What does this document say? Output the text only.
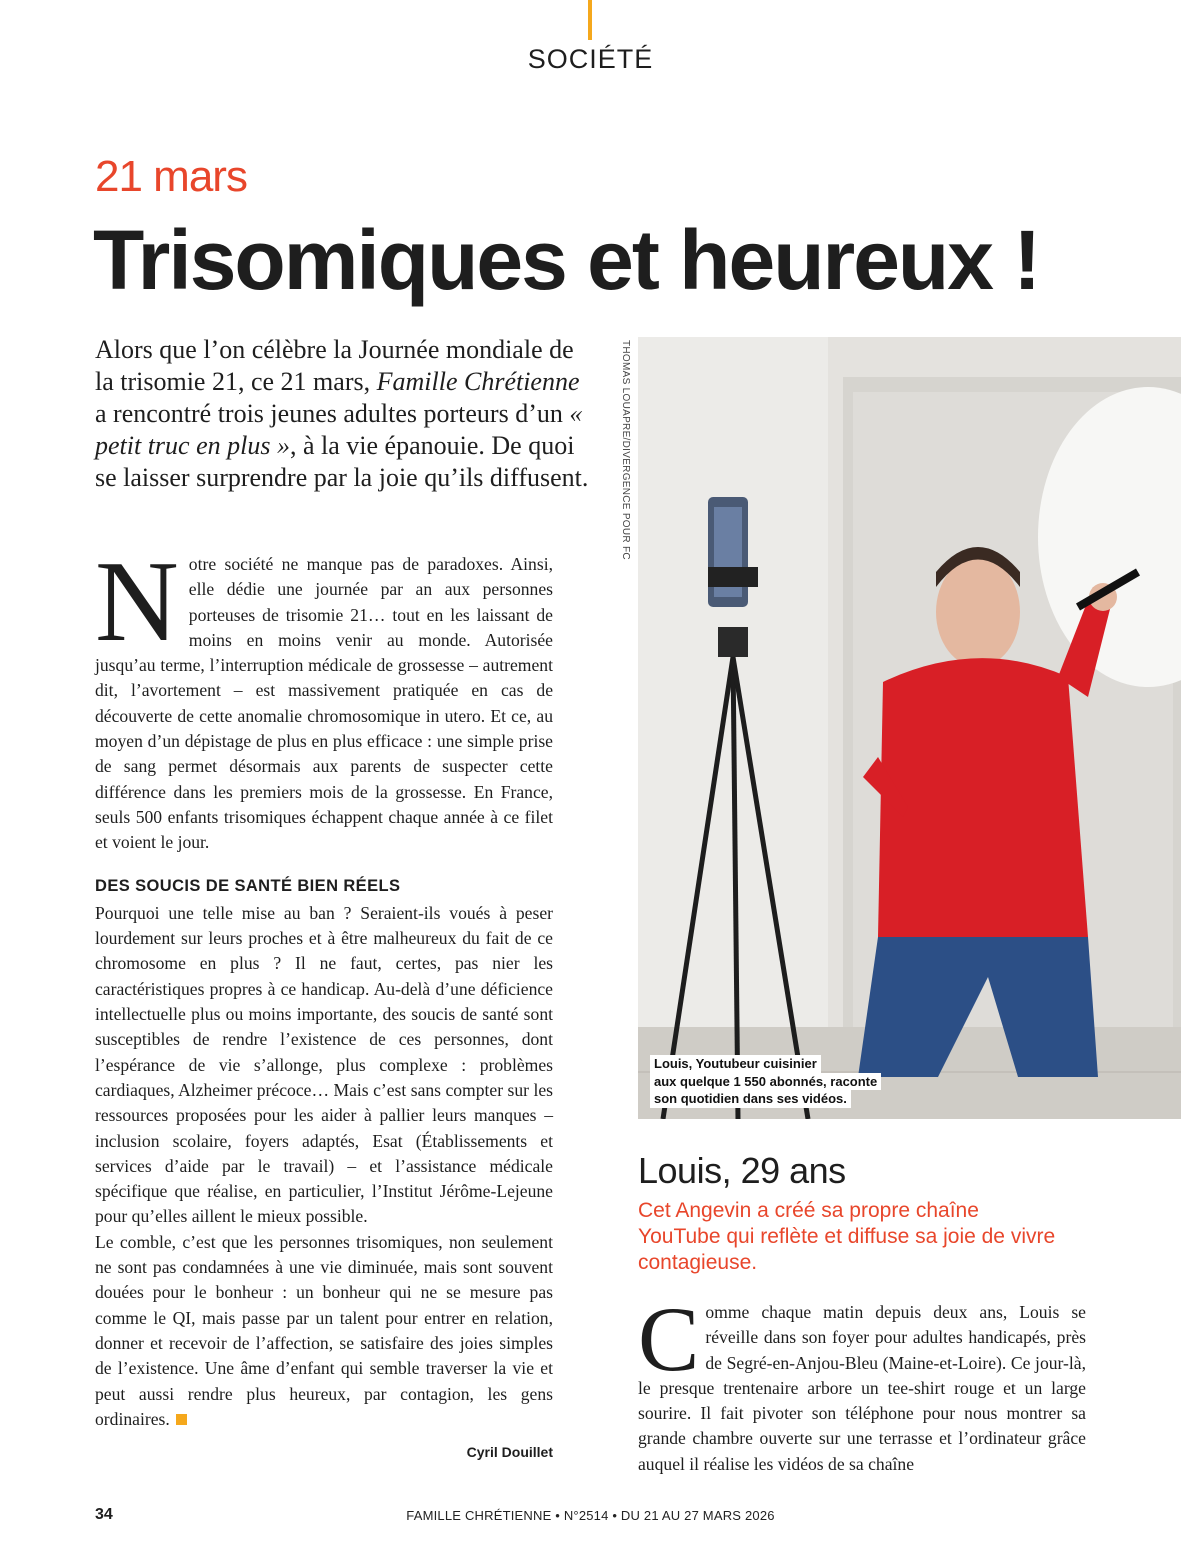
SOCIÉTÉ
21 mars
Trisomiques et heureux !

Alors que l’on célèbre la Journée mondiale de la trisomie 21, ce 21 mars, Famille Chrétienne a rencontré trois jeunes adultes porteurs d’un « petit truc en plus », à la vie épanouie. De quoi se laisser surprendre par la joie qu’ils diffusent.

Notre société ne manque pas de paradoxes. Ainsi, elle dédie une journée par an aux personnes porteuses de trisomie 21… tout en les laissant de moins en moins venir au monde. Autorisée jusqu’au terme, l’interruption médicale de grossesse – autrement dit, l’avortement – est massivement pratiquée en cas de découverte de cette anomalie chromosomique in utero. Et ce, au moyen d’un dépistage de plus en plus efficace : une simple prise de sang permet désormais aux parents de suspecter cette différence dans les premiers mois de la grossesse. En France, seuls 500 enfants trisomiques échappent chaque année à ce filet et voient le jour.

DES SOUCIS DE SANTÉ BIEN RÉELS

Pourquoi une telle mise au ban ? Seraient-ils voués à peser lourdement sur leurs proches et à être malheureux du fait de ce chromosome en plus ? Il ne faut, certes, pas nier les caractéristiques propres à ce handicap. Au-delà d’une déficience intellectuelle plus ou moins importante, des soucis de santé sont susceptibles de rendre l’existence de ces personnes, dont l’espérance de vie s’allonge, plus complexe : problèmes cardiaques, Alzheimer précoce… Mais c’est sans compter sur les ressources proposées pour les aider à pallier leurs manques – inclusion scolaire, foyers adaptés, Esat (Établissements et services d’aide par le travail) – et l’assistance médicale spécifique que réalise, en particulier, l’Institut Jérôme-Lejeune pour qu’elles aillent le mieux possible.

Le comble, c’est que les personnes trisomiques, non seulement ne sont pas condamnées à une vie diminuée, mais sont souvent douées pour le bonheur : un bonheur qui ne se mesure pas comme le QI, mais passe par un talent pour entrer en relation, donner et recevoir de l’affection, se satisfaire des joies simples de l’existence. Une âme d’enfant qui semble traverser la vie et peut aussi rendre plus heureux, par contagion, les gens ordinaires.

Cyril Douillet
THOMAS LOUAPRE/DIVERGENCE POUR FC
Louis, Youtubeur cuisinier
aux quelque 1 550 abonnés, raconte
son quotidien dans ses vidéos.
Louis, 29 ans
Cet Angevin a créé sa propre chaîne YouTube qui reflète et diffuse sa joie de vivre contagieuse.

Comme chaque matin depuis deux ans, Louis se réveille dans son foyer pour adultes handicapés, près de Segré-en-Anjou-Bleu (Maine-et-Loire). Ce jour-là, le presque trentenaire arbore un tee-shirt rouge et un large sourire. Il fait pivoter son téléphone pour nous montrer sa grande chambre ouverte sur une terrasse et l’ordinateur grâce auquel il réalise les vidéos de sa chaîne

34	FAMILLE CHRÉTIENNE • N°2514 • DU 21 AU 27 MARS 2026
